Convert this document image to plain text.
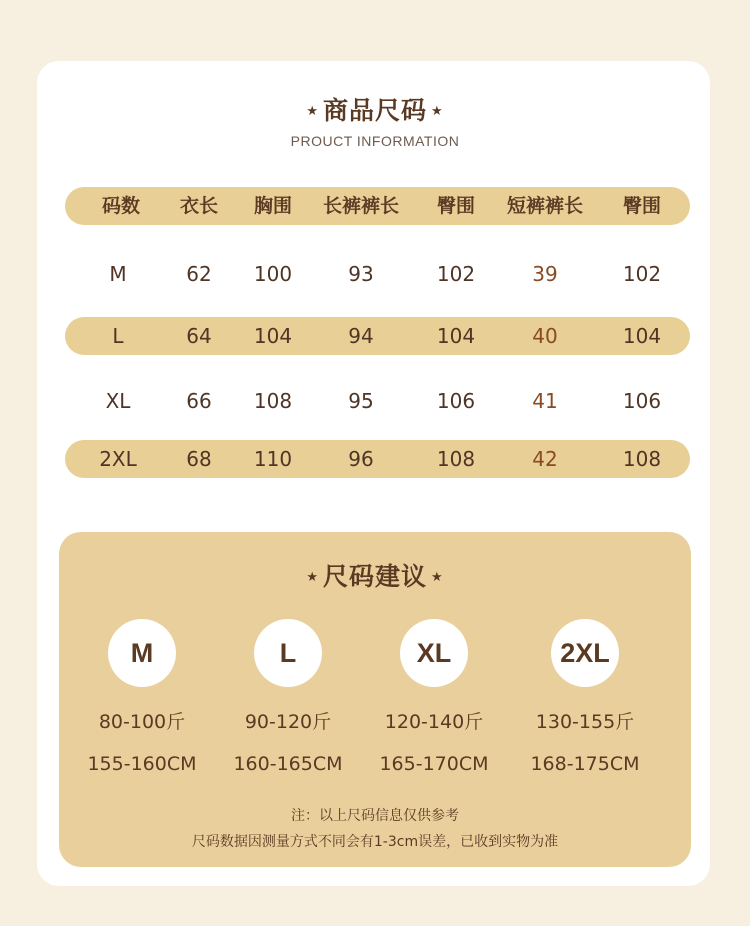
★ 商品尺码 ★
PROUCT INFORMATION
码数 衣长 胸围 长裤裤长 臀围 短裤裤长 臀围
M	62 100	93	102	39	102
L	64 104	94	104	40	104
XL	66 108	95	106	41	106
2XL 68 110	96	108	42	108
★ 尺码建议 ★
M
80-100斤
155-160CM
L
90-120斤
160-165CM
XL
120-140斤
165-170CM
2XL
130-155斤
168-175CM
注：以上尺码信息仅供参考
尺码数据因测量方式不同会有1-3cm误差，已收到实物为准
